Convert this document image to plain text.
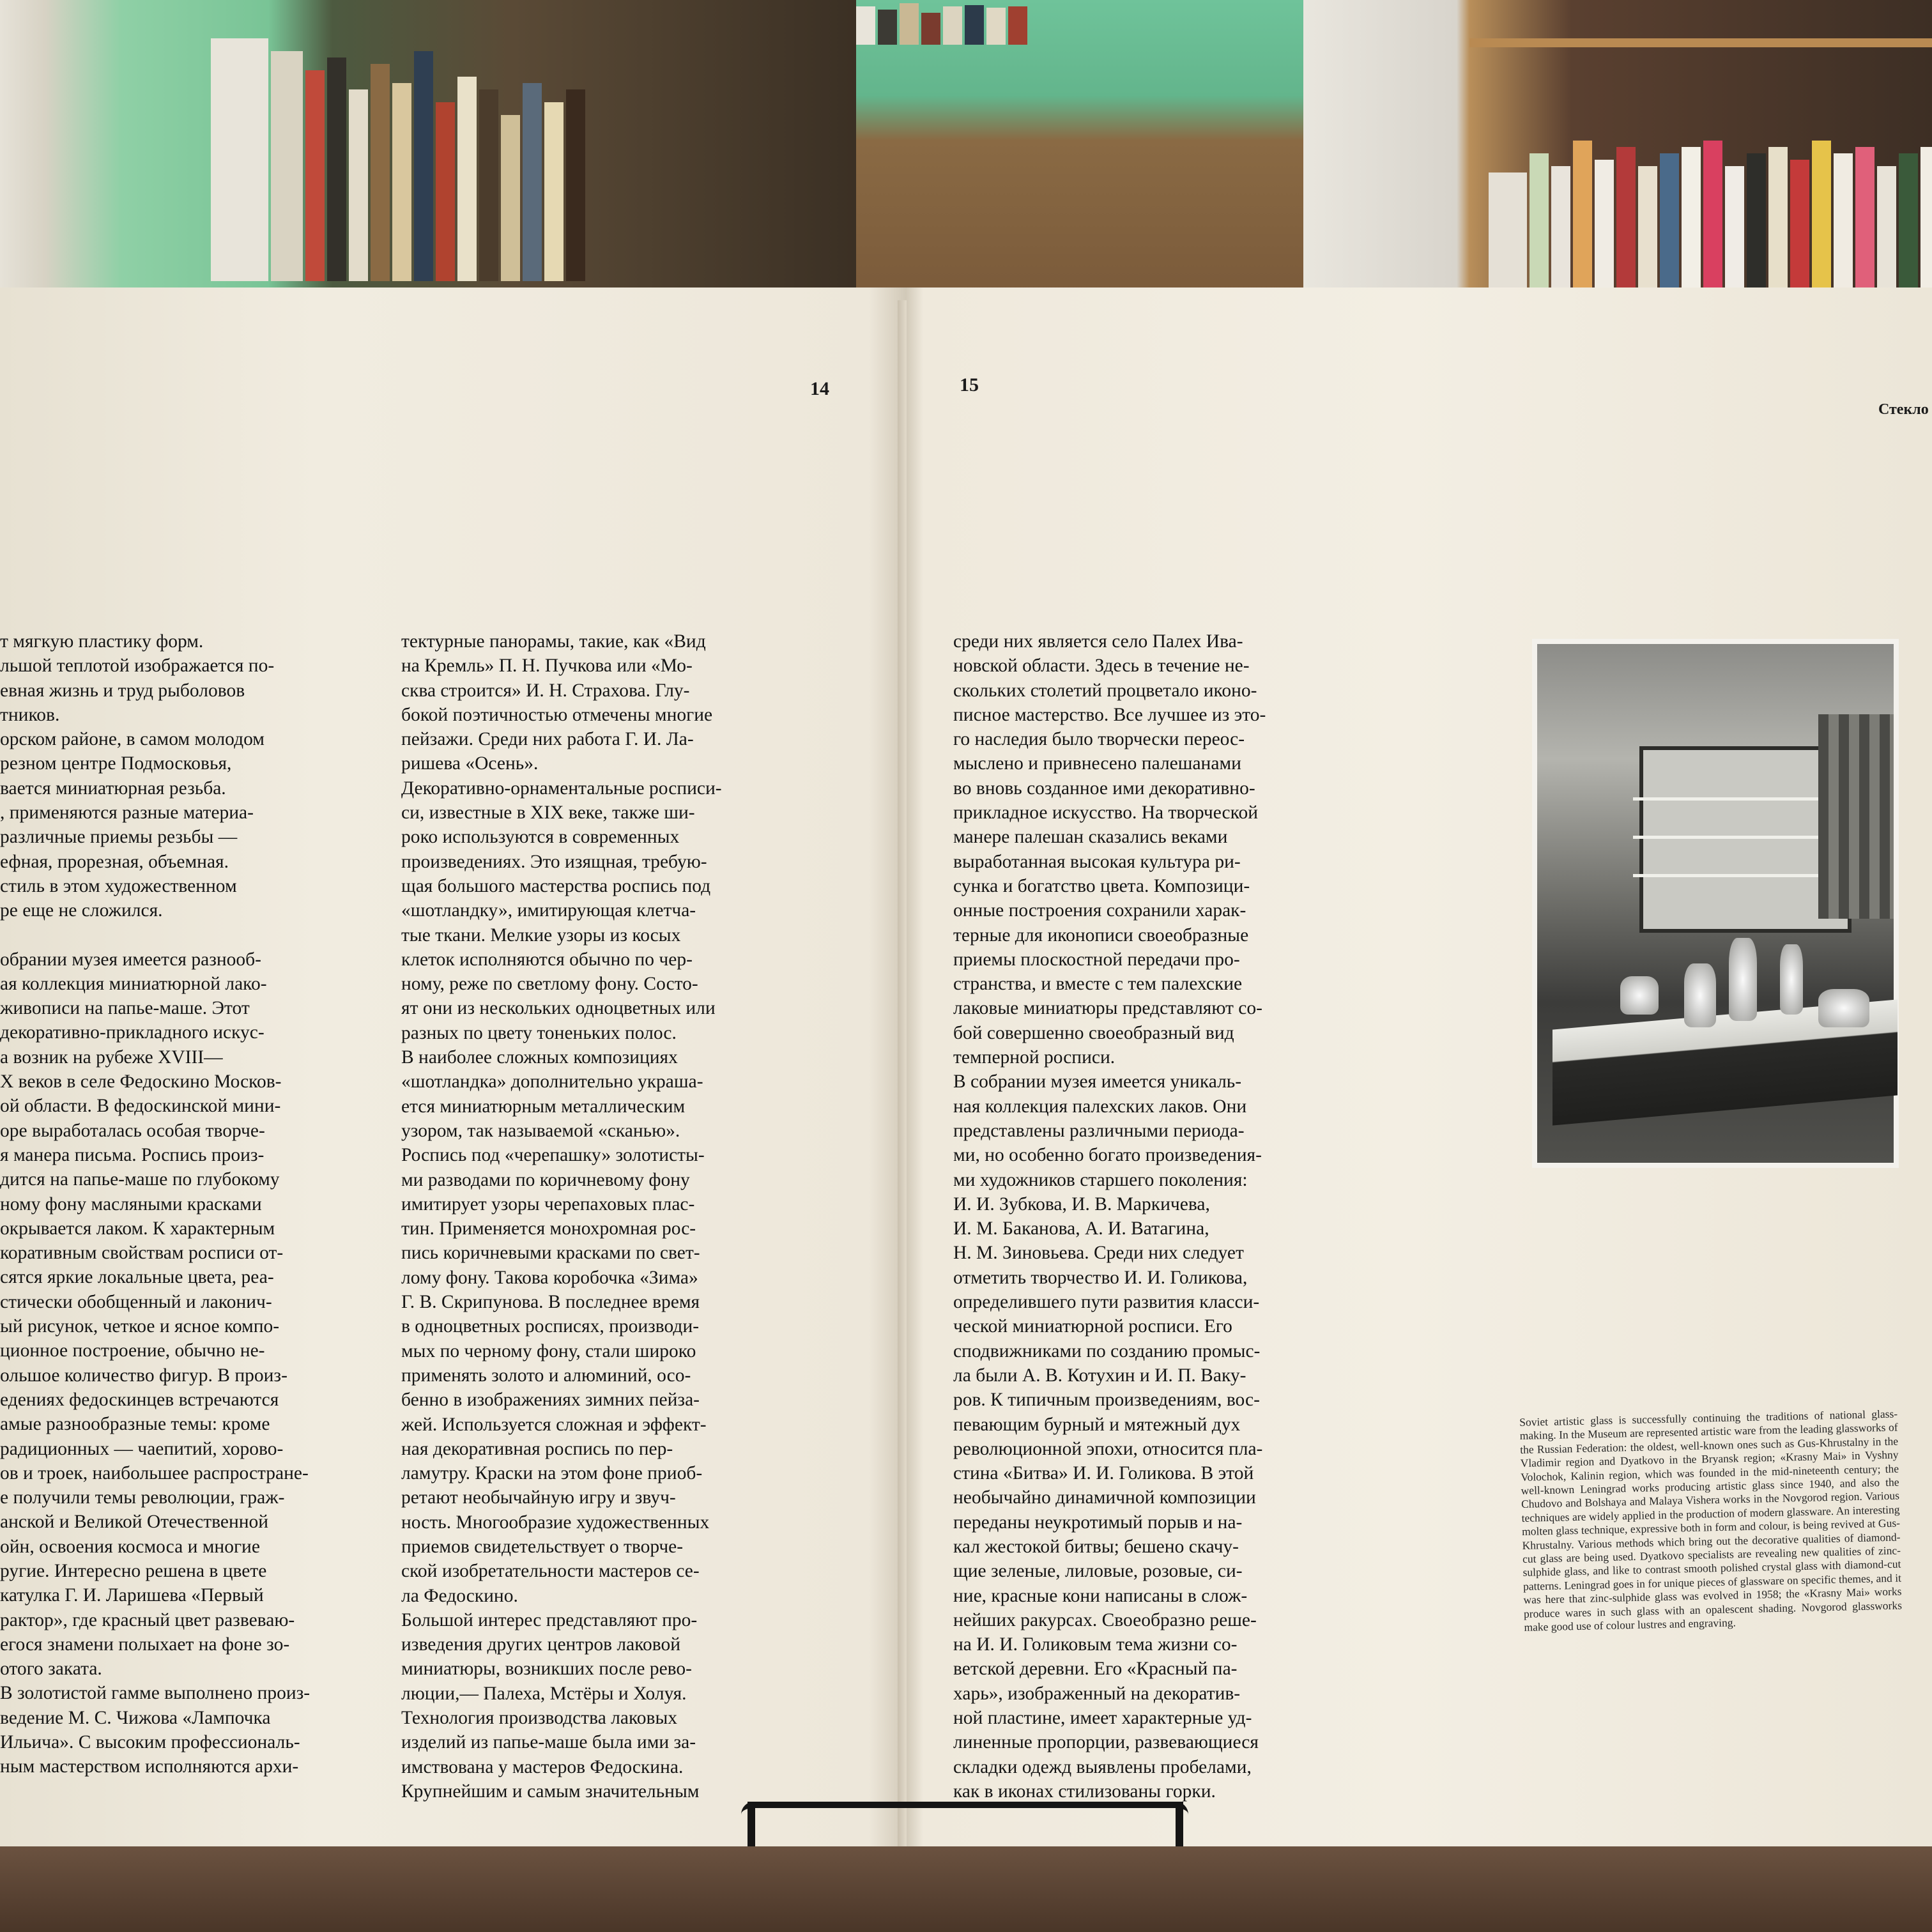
14	15
Стекло

т мягкую пластику форм.

льшой теплотой изображается по-

евная жизнь и труд рыболовов

тников.

орском районе, в самом молодом

резном центре Подмосковья,

вается миниатюрная резьба.

, применяются разные материа-

различные приемы резьбы —

ефная, прорезная, объемная.

стиль в этом художественном

ре еще не сложился.

обрании музея имеется разнооб-

ая коллекция миниатюрной лако-

живописи на папье-маше. Этот

декоративно-прикладного искус-

а возник на рубеже XVIII—

X веков в селе Федоскино Москов-

ой области. В федоскинской мини-

оре выработалась особая творче-

я манера письма. Роспись произ-

дится на папье-маше по глубокому

ному фону масляными красками

окрывается лаком. К характерным

коративным свойствам росписи от-

сятся яркие локальные цвета, реа-

стически обобщенный и лаконич-

ый рисунок, четкое и ясное компо-

ционное построение, обычно не-

ольшое количество фигур. В произ-

едениях федоскинцев встречаются

амые разнообразные темы: кроме

радиционных — чаепитий, хорово-

ов и троек, наибольшее распростране-

е получили темы революции, граж-

анской и Великой Отечественной

ойн, освоения космоса и многие

ругие. Интересно решена в цвете

катулка Г. И. Ларишева «Первый

рактор», где красный цвет развеваю-

егося знамени полыхает на фоне зо-

отого заката.

В золотистой гамме выполнено произ-

ведение М. С. Чижова «Лампочка

Ильича». С высоким профессиональ-

ным мастерством исполняются архи-

тектурные панорамы, такие, как «Вид

на Кремль» П. Н. Пучкова или «Мо-

сква строится» И. Н. Страхова. Глу-

бокой поэтичностью отмечены многие

пейзажи. Среди них работа Г. И. Ла-

ришева «Осень».

Декоративно-орнаментальные росписи-

си, известные в XIX веке, также ши-

роко используются в современных

произведениях. Это изящная, требую-

щая большого мастерства роспись под

«шотландку», имитирующая клетча-

тые ткани. Мелкие узоры из косых

клеток исполняются обычно по чер-

ному, реже по светлому фону. Состо-

ят они из нескольких одноцветных или

разных по цвету тоненьких полос.

В наиболее сложных композициях

«шотландка» дополнительно украша-

ется миниатюрным металлическим

узором, так называемой «сканью».

Роспись под «черепашку» золотисты-

ми разводами по коричневому фону

имитирует узоры черепаховых плас-

тин. Применяется монохромная рос-

пись коричневыми красками по свет-

лому фону. Такова коробочка «Зима»

Г. В. Скрипунова. В последнее время

в одноцветных росписях, производи-

мых по черному фону, стали широко

применять золото и алюминий, осо-

бенно в изображениях зимних пейза-

жей. Используется сложная и эффект-

ная декоративная роспись по пер-

ламутру. Краски на этом фоне приоб-

ретают необычайную игру и звуч-

ность. Многообразие художественных

приемов свидетельствует о творче-

ской изобретательности мастеров се-

ла Федоскино.

Большой интерес представляют про-

изведения других центров лаковой

миниатюры, возникших после рево-

люции,— Палеха, Мстёры и Холуя.

Технология производства лаковых

изделий из папье-маше была ими за-

имствована у мастеров Федоскина.

Крупнейшим и самым значительным

среди них является село Палех Ива-

новской области. Здесь в течение не-

скольких столетий процветало иконо-

писное мастерство. Все лучшее из это-

го наследия было творчески переос-

мыслено и привнесено палешанами

во вновь созданное ими декоративно-

прикладное искусство. На творческой

манере палешан сказались веками

выработанная высокая культура ри-

сунка и богатство цвета. Композици-

онные построения сохранили харак-

терные для иконописи своеобразные

приемы плоскостной передачи про-

странства, и вместе с тем палехские

лаковые миниатюры представляют со-

бой совершенно своеобразный вид

темперной росписи.

В собрании музея имеется уникаль-

ная коллекция палехских лаков. Они

представлены различными периода-

ми, но особенно богато произведения-

ми художников старшего поколения:

И. И. Зубкова, И. В. Маркичева,

И. М. Баканова, А. И. Ватагина,

Н. М. Зиновьева. Среди них следует

отметить творчество И. И. Голикова,

определившего пути развития класси-

ческой миниатюрной росписи. Его

сподвижниками по созданию промыс-

ла были А. В. Котухин и И. П. Ваку-

ров. К типичным произведениям, вос-

певающим бурный и мятежный дух

революционной эпохи, относится пла-

стина «Битва» И. И. Голикова. В этой

необычайно динамичной композиции

переданы неукротимый порыв и на-

кал жестокой битвы; бешено скачу-

щие зеленые, лиловые, розовые, си-

ние, красные кони написаны в слож-

нейших ракурсах. Своеобразно реше-

на И. И. Голиковым тема жизни со-

ветской деревни. Его «Красный па-

харь», изображенный на декоратив-

ной пластине, имеет характерные уд-

линенные пропорции, развевающиеся

складки одежд выявлены пробелами,

как в иконах стилизованы горки.

Soviet artistic glass is successfully continuing the traditions of national glass-making. In the Museum are represented artistic ware from the leading glassworks of the Russian Federation: the oldest, well-known ones such as Gus-Khrustalny in the Vladimir region and Dyatkovo in the Bryansk region; «Krasny Mai» in Vyshny Volochok, Kalinin region, which was founded in the mid-nineteenth century; the well-known Leningrad works producing artistic glass since 1940, and also the Chudovo and Bolshaya and Malaya Vishera works in the Novgorod region. Various techniques are widely applied in the production of modern glassware. An interesting molten glass technique, expressive both in form and colour, is being revived at Gus-Khrustalny. Various methods which bring out the decorative qualities of diamond-cut glass are being used. Dyatkovo specialists are revealing new qualities of zinc-sulphide glass, and like to contrast smooth polished crystal glass with diamond-cut patterns. Leningrad goes in for unique pieces of glassware on specific themes, and it was here that zinc-sulphide glass was evolved in 1958; the «Krasny Mai» works produce wares in such glass with an opalescent shading. Novgorod glassworks make good use of colour lustres and engraving.
